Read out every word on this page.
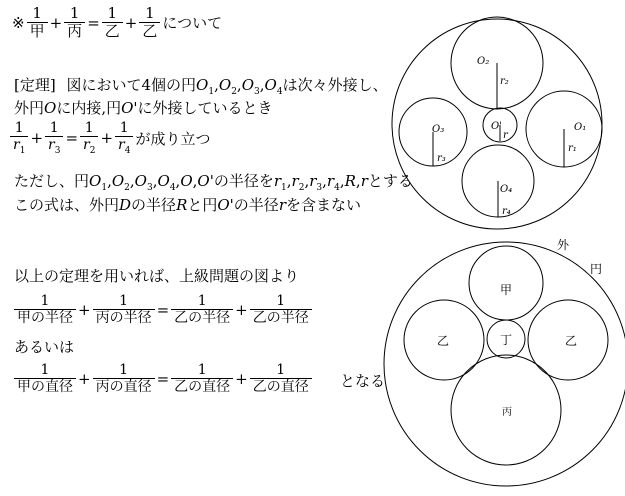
※ $\frac{1}{\text{甲}} + \frac{1}{\text{丙}} = \frac{1}{\text{乙}} + \frac{1}{\text{乙}}$ について
[定理] 図において4個の円$O_1,O_2,O_3,O_4$は次々外接し、
外円Oに内接,円O'に外接しているとき
$\frac{1}{r_1} + \frac{1}{r_3} = \frac{1}{r_2} + \frac{1}{r_4}$ が成り立つ
ただし、円$O_1,O_2,O_3,O_4,O,O'$の半径を$r_1,r_2,r_3,r_4,R,r$とする
この式は、外円Dの半径Rと円O'の半径rを含まない
以上の定理を用いれば、上級問題の図より
$\frac{1}{\text{甲の半径}} + \frac{1}{\text{丙の半径}} = \frac{1}{\text{乙の半径}} + \frac{1}{\text{乙の半径}}$
あるいは
$\frac{1}{\text{甲の直径}} + \frac{1}{\text{丙の直径}} = \frac{1}{\text{乙の直径}} + \frac{1}{\text{乙の直径}}$ となる
O₂
r₂
O₃
r₃
O₁
r₁
O'
r
O₄
r₄
外
円
甲
乙	丁	乙
丙
